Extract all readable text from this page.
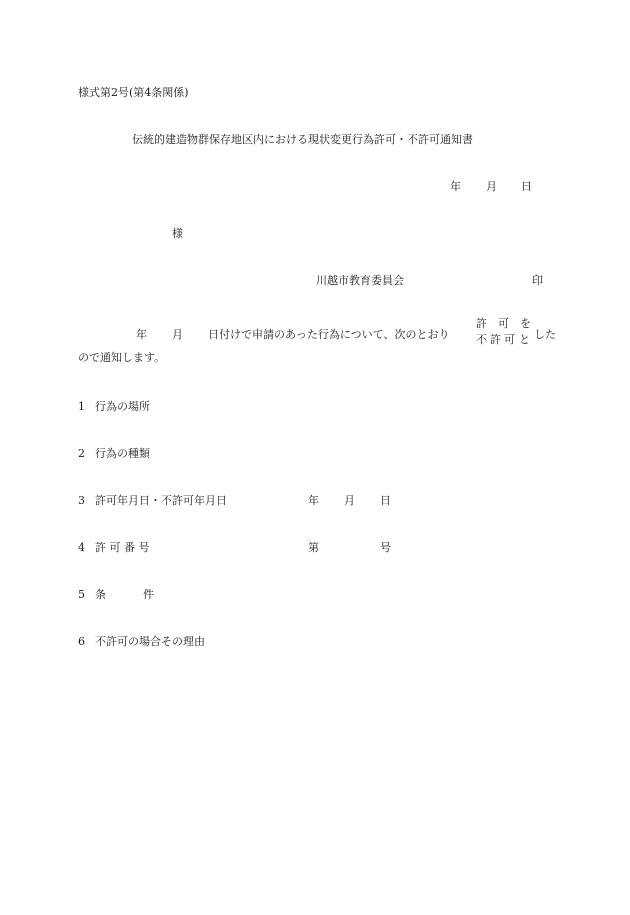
様式第2号(第4条関係)
伝統的建造物群保存地区内における現状変更行為許可・不許可通知書
年 月 日
様
川越市教育委員会	印
年 月 日付けで申請のあった行為について、次のとおり
許 可 を
不 許 可 と した
ので通知します。
1 行為の場所
2 行為の種類
3 許可年月日・不許可年月日	年 月 日
4 許 可 番 号	第	号
5 条	件
6 不許可の場合その理由
